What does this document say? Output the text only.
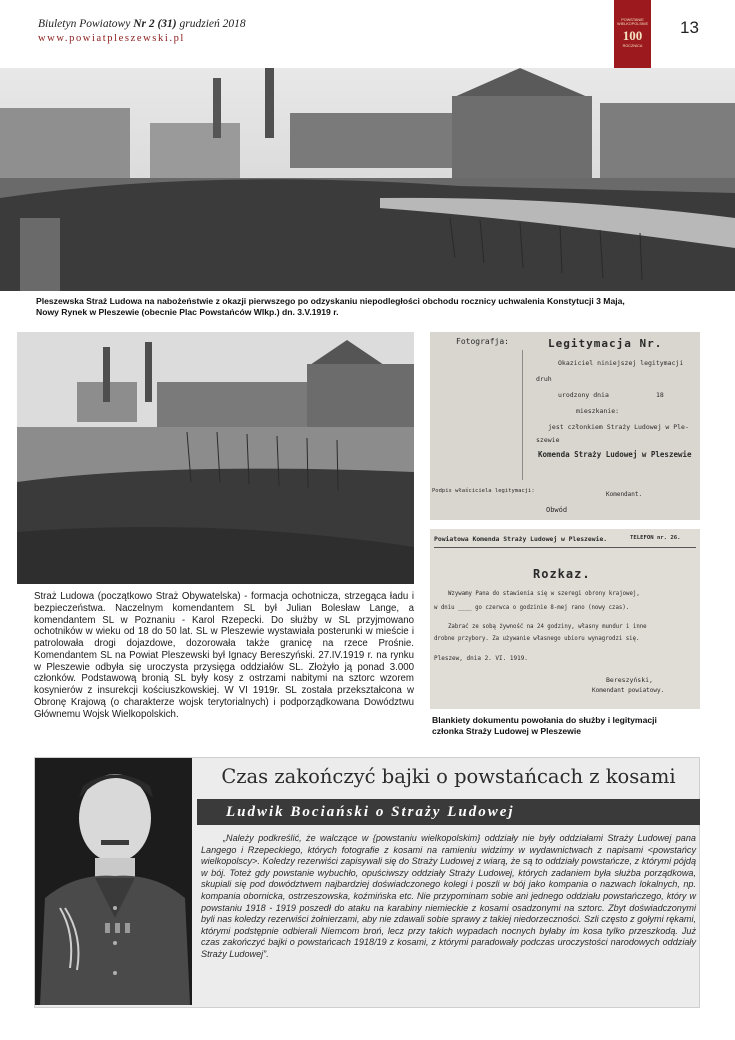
Biuletyn Powiatowy Nr 2 (31) grudzień 2018
www.powiatpleszewski.pl
POWSTANIE WIELKOPOLSKIE
100
ROCZNICA
13
Pleszewska Straż Ludowa na nabożeństwie z okazji pierwszego po odzyskaniu niepodległości obchodu rocznicy uchwalenia Konstytucji 3 Maja,
Nowy Rynek w Pleszewie (obecnie Plac Powstańców Wlkp.) dn. 3.V.1919 r.
Straż Ludowa (początkowo Straż Obywatelska) - formacja ochotnicza, strzegąca ładu i bezpieczeństwa. Naczelnym komendantem SL był Julian Bolesław Lange, a komendantem SL w Poznaniu - Karol Rzepecki. Do służby w SL przyjmowano ochotników w wieku od 18 do 50 lat. SL w Pleszewie wystawiała posterunki w mieście i patrolowała drogi dojazdowe, dozorowała także granicę na rzece Prośnie. Komendantem SL na Powiat Pleszewski był Ignacy Bereszyński. 27.IV.1919 r. na rynku w Pleszewie odbyła się uroczysta przysięga oddziałów SL. Złożyło ją ponad 3.000 członków. Podstawową bronią SL były kosy z ostrzami nabitymi na sztorc wzorem kosynierów z insurekcji kościuszkowskiej. W VI 1919r. SL została przekształcona w Obronę Krajową (o charakterze wojsk terytorialnych) i podporządkowana Dowództwu Głównemu Wojsk Wielkopolskich.
Fotografja:	Legitymacja Nr.
Okaziciel niniejszej legitymacji
druh
urodzony dnia	18
mieszkanie:
jest członkiem Straży Ludowej w Ple-
szewie
Komenda Straży Ludowej w Pleszewie
Podpis właściciela legitymacji:	Komendant.
Obwód
Powiatowa Komenda Straży Ludowej w Pleszewie.	TELEFON nr. 26.
Rozkaz.
Wzywamy Pana do stawienia się w szeregi obrony krajowej,
w dniu ____ go czerwca o godzinie 8-mej rano (nowy czas).
Zabrać ze sobą żywność na 24 godziny, własny mundur i inne
drobne przybory. Za używanie własnego ubioru wynagrodzi się.
Pleszew, dnia 2. VI. 1919.
Bereszyński,
Komendant powiatowy.
Blankiety dokumentu powołania do służby i legitymacji
członka Straży Ludowej w Pleszewie
Czas zakończyć bajki o powstańcach z kosami
Ludwik Bociański o Straży Ludowej
„Należy podkreślić, że walczące w {powstaniu wielkopolskim} oddziały nie były oddziałami Straży Ludowej pana Langego i Rzepeckiego, których fotografie z kosami na ramieniu widzimy w wydawnictwach z napisami <powstańcy wielkopolscy>. Koledzy rezerwiści zapisywali się do Straży Ludowej z wiarą, że są to oddziały powstańcze, z którymi pójdą w bój. Toteż gdy powstanie wybuchło, opuściwszy oddziały Straży Ludowej, których zadaniem była służba porządkowa, skupiali się pod dowództwem najbardziej doświadczonego kolegi i poszli w bój jako kompania o nazwach lokalnych, np. kompania obornicka, ostrzeszowska, koźmińska etc. Nie przypominam sobie ani jednego oddziału powstańczego, który w powstaniu 1918 - 1919 poszedł do ataku na karabiny niemieckie z kosami osadzonymi na sztorc. Zbyt doświadczonymi byli nas koledzy rezerwiści żołnierzami, aby nie zdawali sobie sprawy z takiej niedorzeczności. Szli często z gołymi rękami, którymi podstępnie odbierali Niemcom broń, lecz przy takich wypadach nocnych byłaby im kosa tylko przeszkodą. Już czas zakończyć bajki o powstańcach 1918/19 z kosami, z którymi paradowały podczas uroczystości narodowych oddziały Straży Ludowej”.
